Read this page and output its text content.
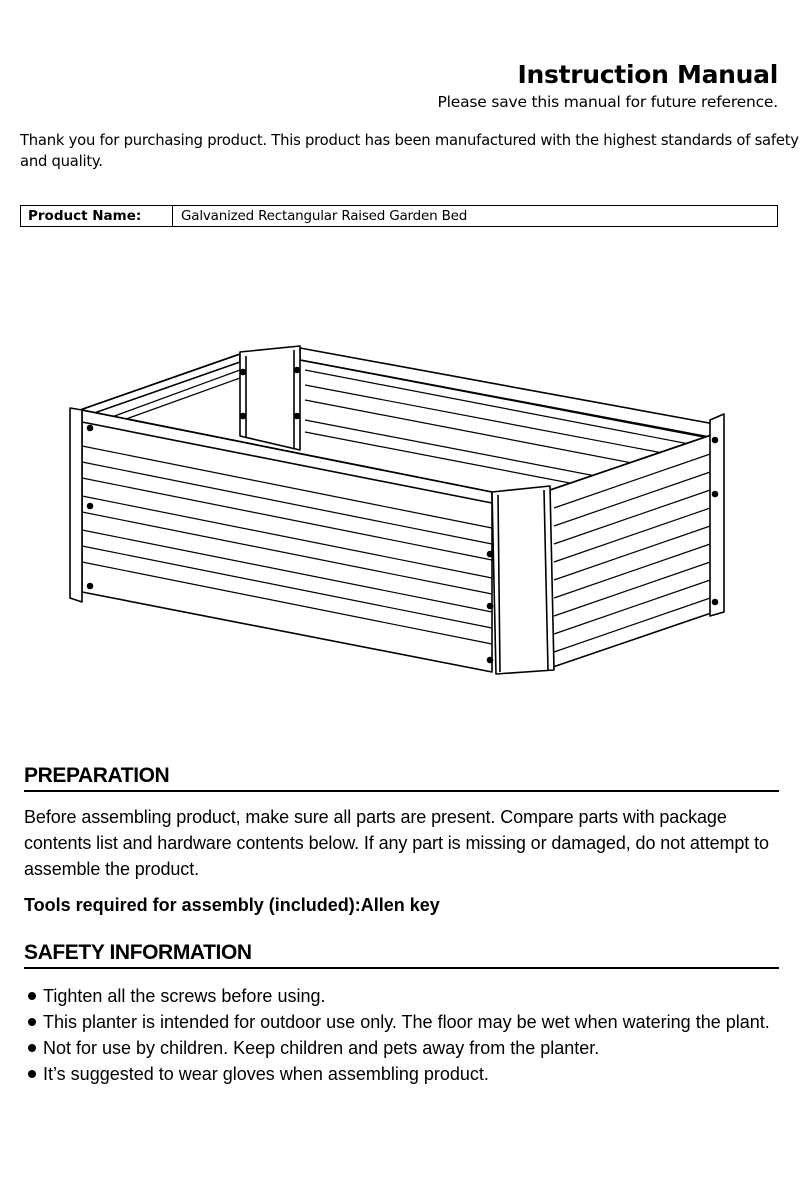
Instruction Manual
Please save this manual for future reference.
Thank you for purchasing product. This product has been manufactured with the highest standards of safety and quality.
Product Name:	Galvanized Rectangular Raised Garden Bed
PREPARATION
Before assembling product, make sure all parts are present. Compare parts with package contents list and hardware contents below. If any part is missing or damaged, do not attempt to assemble the product.
Tools required for assembly (included):Allen key
SAFETY INFORMATION
Tighten all the screws before using.
This planter is intended for outdoor use only. The floor may be wet when watering the plant.
Not for use by children. Keep children and pets away from the planter.
It’s suggested to wear gloves when assembling product.
